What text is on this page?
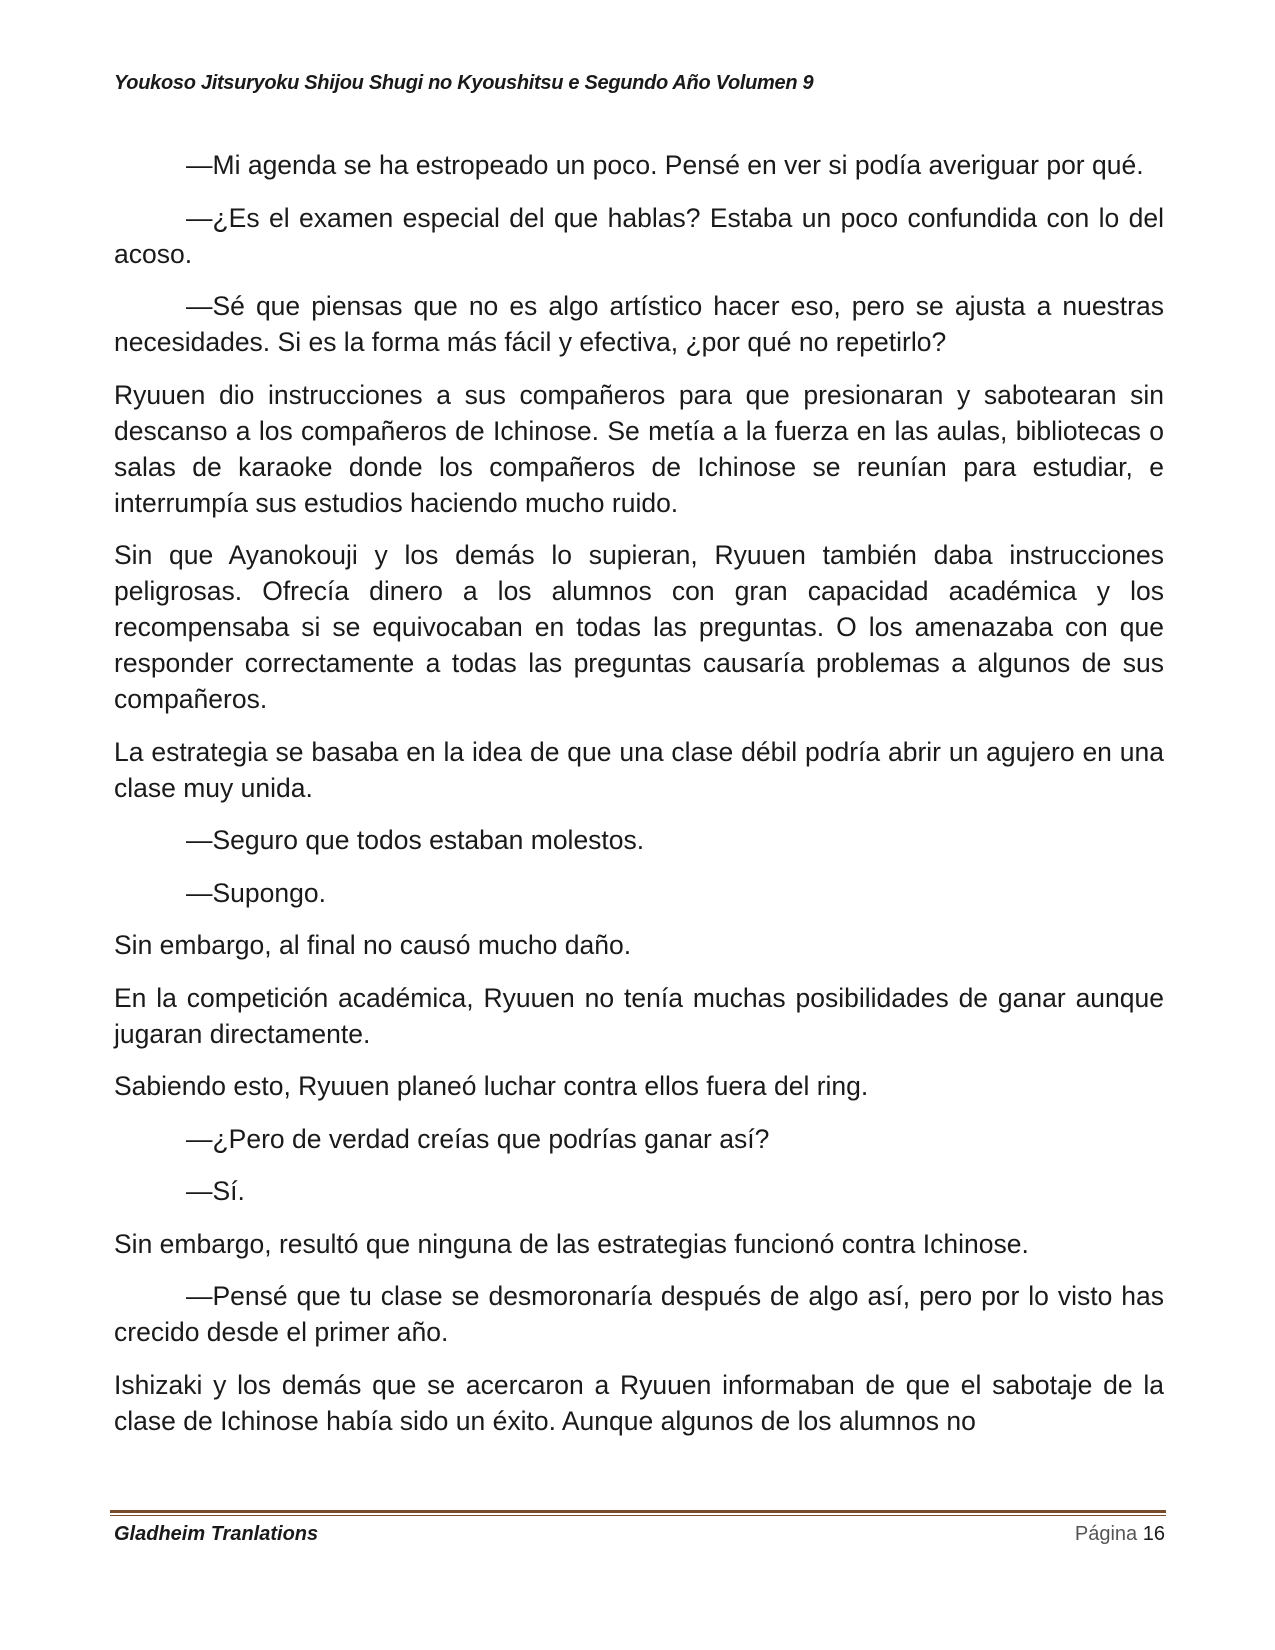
Youkoso Jitsuryoku Shijou Shugi no Kyoushitsu e Segundo Año Volumen 9

—Mi agenda se ha estropeado un poco. Pensé en ver si podía averiguar por qué.

—¿Es el examen especial del que hablas? Estaba un poco confundida con lo del acoso.

—Sé que piensas que no es algo artístico hacer eso, pero se ajusta a nuestras necesidades. Si es la forma más fácil y efectiva, ¿por qué no repetirlo?

Ryuuen dio instrucciones a sus compañeros para que presionaran y sabotearan sin descanso a los compañeros de Ichinose. Se metía a la fuerza en las aulas, bibliotecas o salas de karaoke donde los compañeros de Ichinose se reunían para estudiar, e interrumpía sus estudios haciendo mucho ruido.

Sin que Ayanokouji y los demás lo supieran, Ryuuen también daba instrucciones peligrosas. Ofrecía dinero a los alumnos con gran capacidad académica y los recompensaba si se equivocaban en todas las preguntas. O los amenazaba con que responder correctamente a todas las preguntas causaría problemas a algunos de sus compañeros.

La estrategia se basaba en la idea de que una clase débil podría abrir un agujero en una clase muy unida.

—Seguro que todos estaban molestos.

—Supongo.

Sin embargo, al final no causó mucho daño.

En la competición académica, Ryuuen no tenía muchas posibilidades de ganar aunque jugaran directamente.

Sabiendo esto, Ryuuen planeó luchar contra ellos fuera del ring.

—¿Pero de verdad creías que podrías ganar así?

—Sí.

Sin embargo, resultó que ninguna de las estrategias funcionó contra Ichinose.

—Pensé que tu clase se desmoronaría después de algo así, pero por lo visto has crecido desde el primer año.

Ishizaki y los demás que se acercaron a Ryuuen informaban de que el sabotaje de la clase de Ichinose había sido un éxito. Aunque algunos de los alumnos no

Gladheim Tranlations	Página 16
